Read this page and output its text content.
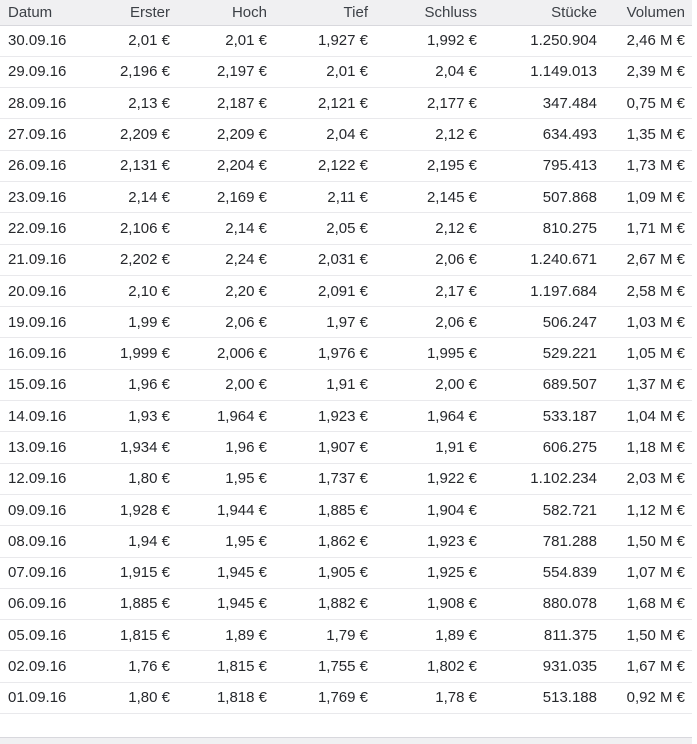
Datum	Erster	Hoch	Tief	Schluss	Stücke	Volumen
30.09.16	2,01 €	2,01 €	1,927 €	1,992 €	1.250.904	2,46 M €
29.09.16	2,196 €	2,197 €	2,01 €	2,04 €	1.149.013	2,39 M €
28.09.16	2,13 €	2,187 €	2,121 €	2,177 €	347.484	0,75 M €
27.09.16	2,209 €	2,209 €	2,04 €	2,12 €	634.493	1,35 M €
26.09.16	2,131 €	2,204 €	2,122 €	2,195 €	795.413	1,73 M €
23.09.16	2,14 €	2,169 €	2,11 €	2,145 €	507.868	1,09 M €
22.09.16	2,106 €	2,14 €	2,05 €	2,12 €	810.275	1,71 M €
21.09.16	2,202 €	2,24 €	2,031 €	2,06 €	1.240.671	2,67 M €
20.09.16	2,10 €	2,20 €	2,091 €	2,17 €	1.197.684	2,58 M €
19.09.16	1,99 €	2,06 €	1,97 €	2,06 €	506.247	1,03 M €
16.09.16	1,999 €	2,006 €	1,976 €	1,995 €	529.221	1,05 M €
15.09.16	1,96 €	2,00 €	1,91 €	2,00 €	689.507	1,37 M €
14.09.16	1,93 €	1,964 €	1,923 €	1,964 €	533.187	1,04 M €
13.09.16	1,934 €	1,96 €	1,907 €	1,91 €	606.275	1,18 M €
12.09.16	1,80 €	1,95 €	1,737 €	1,922 €	1.102.234	2,03 M €
09.09.16	1,928 €	1,944 €	1,885 €	1,904 €	582.721	1,12 M €
08.09.16	1,94 €	1,95 €	1,862 €	1,923 €	781.288	1,50 M €
07.09.16	1,915 €	1,945 €	1,905 €	1,925 €	554.839	1,07 M €
06.09.16	1,885 €	1,945 €	1,882 €	1,908 €	880.078	1,68 M €
05.09.16	1,815 €	1,89 €	1,79 €	1,89 €	811.375	1,50 M €
02.09.16	1,76 €	1,815 €	1,755 €	1,802 €	931.035	1,67 M €
01.09.16	1,80 €	1,818 €	1,769 €	1,78 €	513.188	0,92 M €
